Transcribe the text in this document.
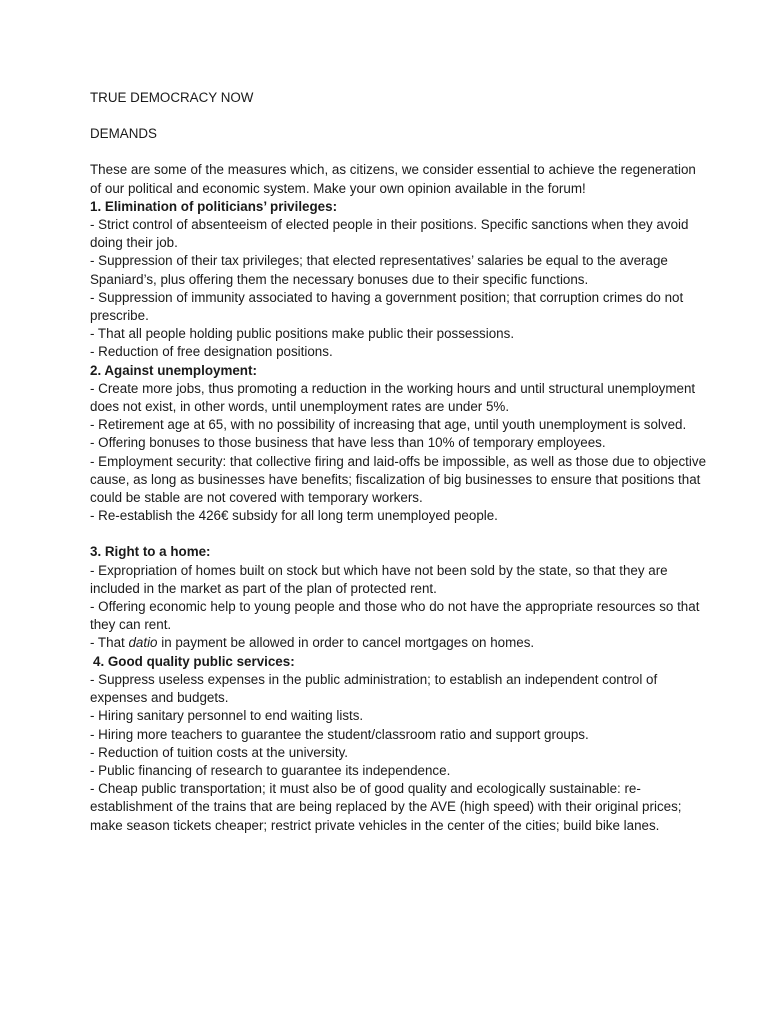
TRUE DEMOCRACY NOW

DEMANDS

These are some of the measures which, as citizens, we consider essential to achieve the regeneration of our political and economic system. Make your own opinion available in the forum!

1. Elimination of politicians’ privileges:

- Strict control of absenteeism of elected people in their positions. Specific sanctions when they avoid doing their job.

- Suppression of their tax privileges; that elected representatives’ salaries be equal to the average Spaniard’s, plus offering them the necessary bonuses due to their specific functions.

- Suppression of immunity associated to having a government position; that corruption crimes do not prescribe.

- That all people holding public positions make public their possessions.

- Reduction of free designation positions.

2. Against unemployment:

- Create more jobs, thus promoting a reduction in the working hours and until structural unemployment does not exist, in other words, until unemployment rates are under 5%.

- Retirement age at 65, with no possibility of increasing that age, until youth unemployment is solved.

- Offering bonuses to those business that have less than 10% of temporary employees.

- Employment security: that collective firing and laid-offs be impossible, as well as those due to objective cause, as long as businesses have benefits; fiscalization of big businesses to ensure that positions that could be stable are not covered with temporary workers.

- Re-establish the 426€ subsidy for all long term unemployed people.

3. Right to a home:

- Expropriation of homes built on stock but which have not been sold by the state, so that they are included in the market as part of the plan of protected rent.

- Offering economic help to young people and those who do not have the appropriate resources so that they can rent.

- That datio in payment be allowed in order to cancel mortgages on homes.

4. Good quality public services:

- Suppress useless expenses in the public administration; to establish an independent control of expenses and budgets.

- Hiring sanitary personnel to end waiting lists.

- Hiring more teachers to guarantee the student/classroom ratio and support groups.

- Reduction of tuition costs at the university.

- Public financing of research to guarantee its independence.

- Cheap public transportation; it must also be of good quality and ecologically sustainable: re-establishment of the trains that are being replaced by the AVE (high speed) with their original prices; make season tickets cheaper; restrict private vehicles in the center of the cities; build bike lanes.
